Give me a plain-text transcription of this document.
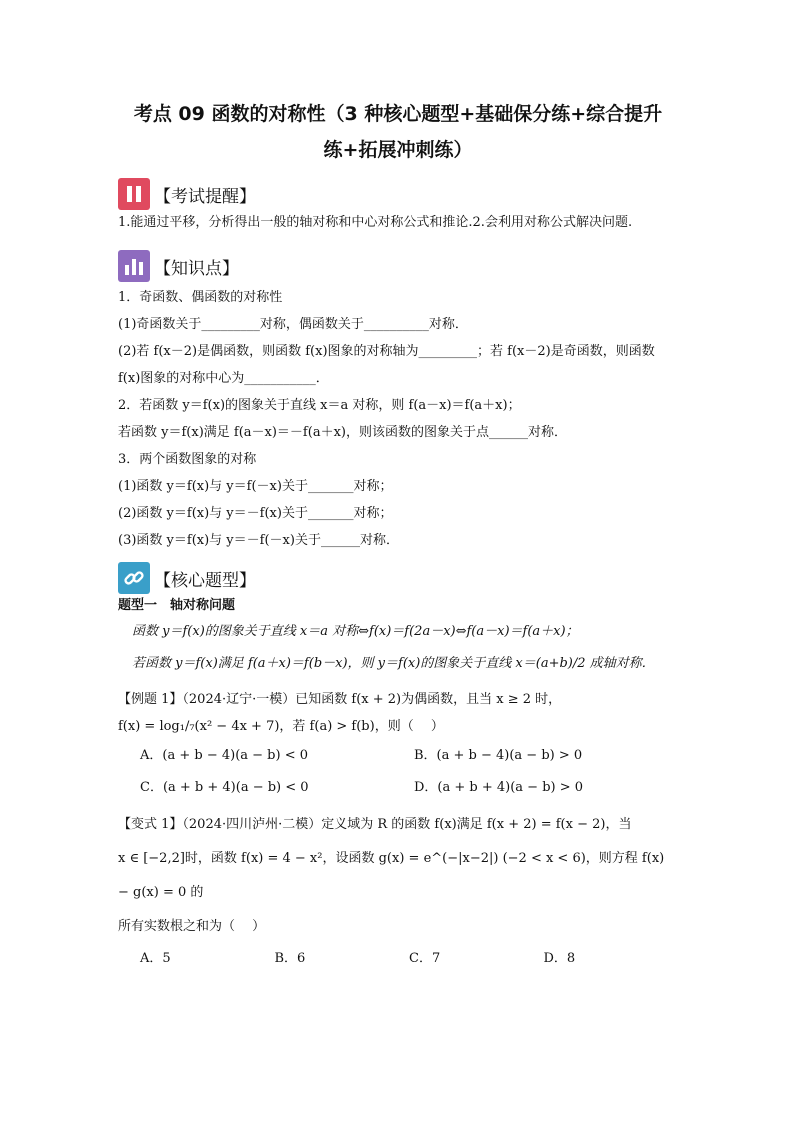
考点 09 函数的对称性（3 种核心题型+基础保分练+综合提升
练+拓展冲刺练）
【考试提醒】

1.能通过平移，分析得出一般的轴对称和中心对称公式和推论.2.会利用对称公式解决问题.

【知识点】

1．奇函数、偶函数的对称性

(1)奇函数关于_________对称，偶函数关于__________对称．

(2)若 f(x－2)是偶函数，则函数 f(x)图象的对称轴为_________；若 f(x－2)是奇函数，则函数

f(x)图象的对称中心为___________．

2．若函数 y＝f(x)的图象关于直线 x＝a 对称，则 f(a－x)＝f(a＋x)；

若函数 y＝f(x)满足 f(a－x)＝－f(a＋x)，则该函数的图象关于点______对称．

3．两个函数图象的对称

(1)函数 y＝f(x)与 y＝f(－x)关于_______对称；

(2)函数 y＝f(x)与 y＝－f(x)关于_______对称；

(3)函数 y＝f(x)与 y＝－f(－x)关于______对称．

【核心题型】
题型一　轴对称问题

函数 y＝f(x)的图象关于直线 x＝a 对称⇔f(x)＝f(2a－x)⇔f(a－x)＝f(a＋x)；

若函数 y＝f(x)满足 f(a＋x)＝f(b－x)，则 y＝f(x)的图象关于直线 x＝(a+b)/2 成轴对称．

【例题 1】（2024·辽宁·一模）已知函数 f(x + 2)为偶函数，且当 x ≥ 2 时，

f(x) = log₁/₇(x² − 4x + 7)，若 f(a) > f(b)，则（　 ）

A．(a + b − 4)(a − b) < 0	B．(a + b − 4)(a − b) > 0
C．(a + b + 4)(a − b) < 0	D．(a + b + 4)(a − b) > 0

【变式 1】（2024·四川泸州·二模）定义域为 R 的函数 f(x)满足 f(x + 2) = f(x − 2)，当

x ∈ [−2,2]时，函数 f(x) = 4 − x²，设函数 g(x) = e^(−|x−2|) (−2 < x < 6)，则方程 f(x) − g(x) = 0 的

所有实数根之和为（　 ）

A．5	B．6	C．7	D．8
